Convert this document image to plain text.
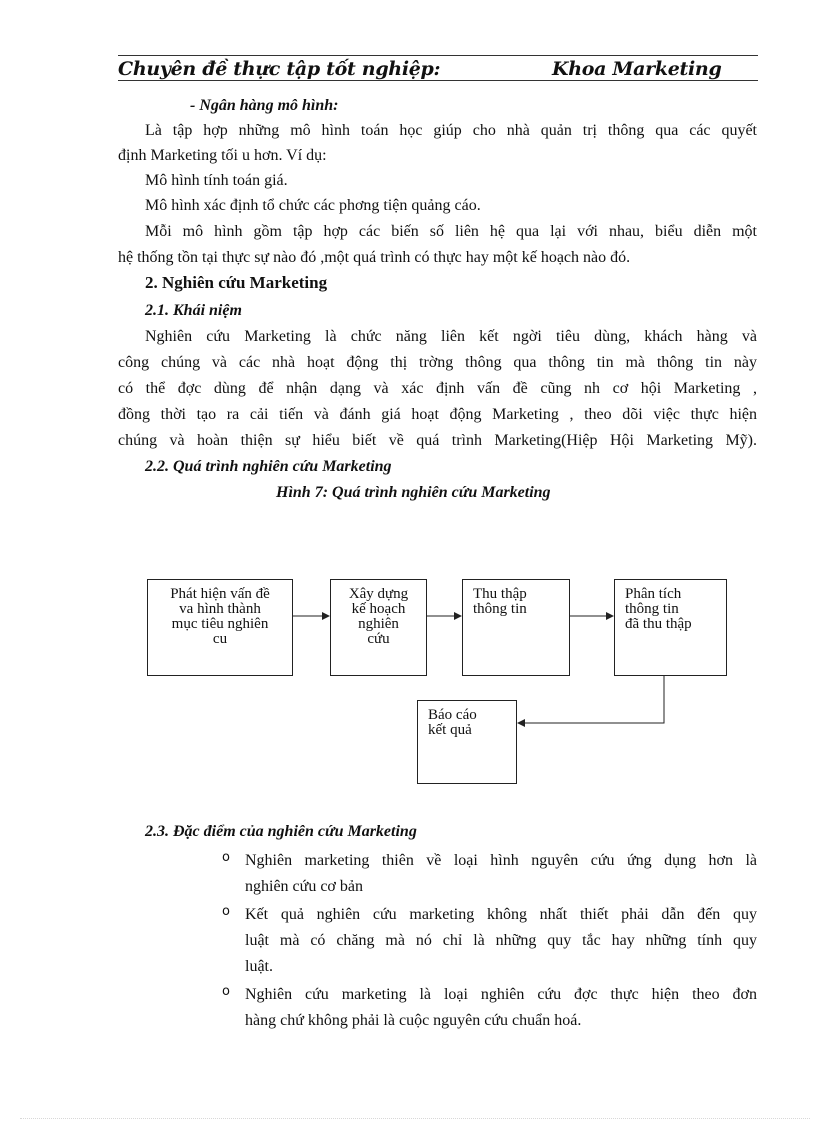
Chuyên đề thực tập tốt nghiệp:	Khoa Marketing
- Ngân hàng mô hình:
Là tập hợp những mô hình toán học giúp cho nhà quản trị thông qua các quyết
định Marketing tối u hơn. Ví dụ:
Mô hình tính toán giá.
Mô hình xác định tổ chức các phơng tiện quảng cáo.
Mỗi mô hình gồm tập hợp các biến số liên hệ qua lại với nhau, biểu diễn một
hệ thống tồn tại thực sự nào đó ,một quá trình có thực hay một kế hoạch nào đó.
2. Nghiên cứu Marketing
2.1. Khái niệm
Nghiên cứu Marketing là chức năng liên kết ngời tiêu dùng, khách hàng và
công chúng và các nhà hoạt động thị trờng thông qua thông tin mà thông tin này
có thể đợc dùng để nhận dạng và xác định vấn đề cũng nh cơ hội Marketing ,
đồng thời tạo ra cải tiến và đánh giá hoạt động Marketing , theo dõi việc thực hiện
chúng và hoàn thiện sự hiểu biết về quá trình Marketing(Hiệp Hội Marketing Mỹ).
2.2. Quá trình nghiên cứu Marketing
Hình 7: Quá trình nghiên cứu Marketing
Phát hiện vấn đề
va hình thành
mục tiêu nghiên
cu
Xây dựng
kế hoạch
nghiên
cứu
Thu thập
thông tin
Phân tích
thông tin
đã thu thập
Báo cáo
kết quả
2.3. Đặc điểm của nghiên cứu Marketing
o Nghiên marketing thiên về loại hình nguyên cứu ứng dụng hơn là
nghiên cứu cơ bản
o Kết quả nghiên cứu marketing không nhất thiết phải dẫn đến quy
luật mà có chăng mà nó chỉ là những quy tắc hay những tính quy
luật.
o Nghiên cứu marketing là loại nghiên cứu đợc thực hiện theo đơn
hàng chứ không phải là cuộc nguyên cứu chuẩn hoá.
